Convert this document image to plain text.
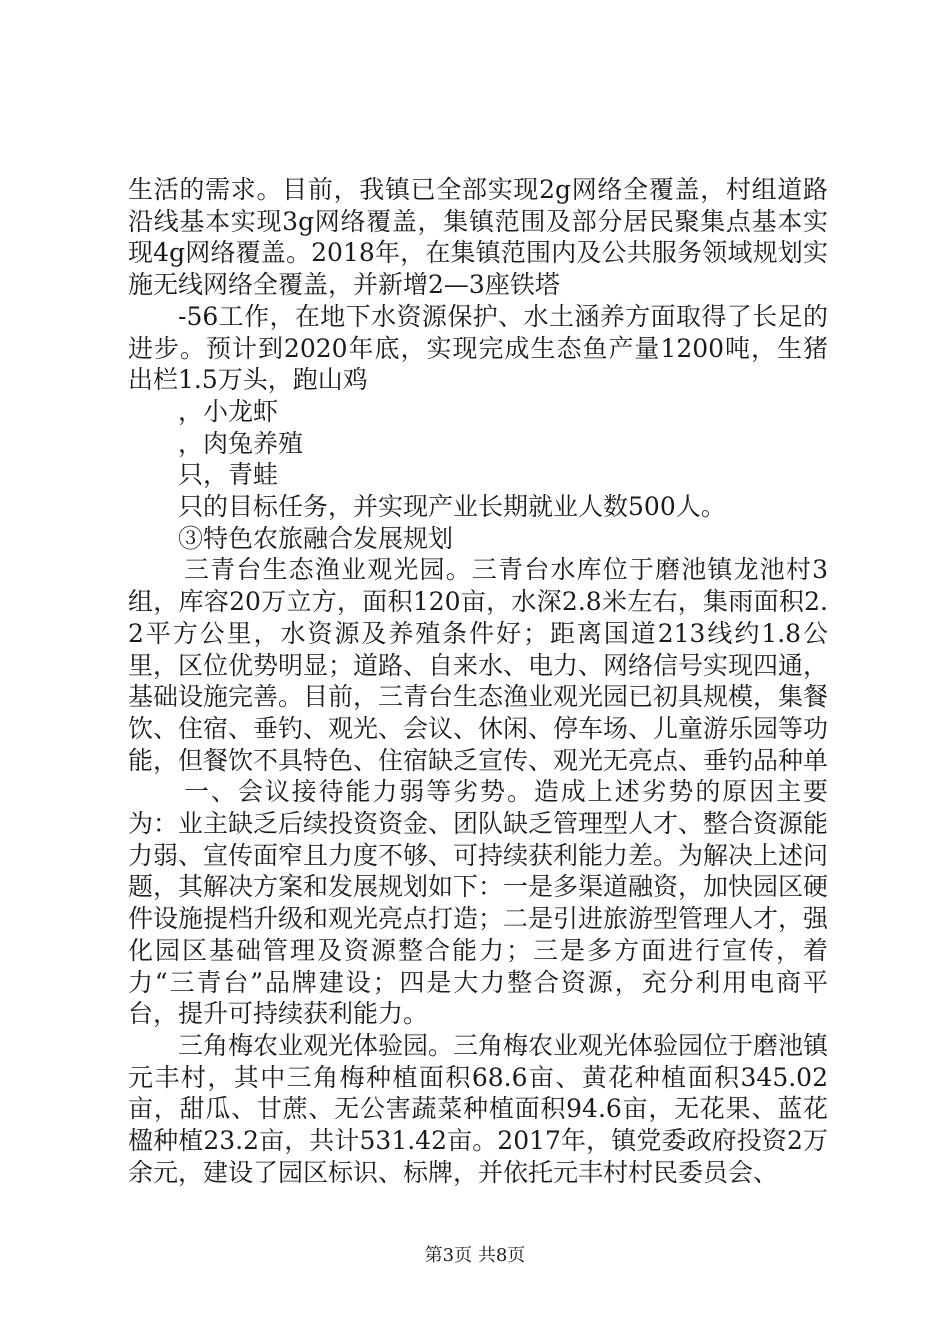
生活的需求。目前，我镇已全部实现2g网络全覆盖，村组道路沿线基本实现3g网络覆盖，集镇范围及部分居民聚集点基本实现4g网络覆盖。2018年，在集镇范围内及公共服务领域规划实施无线网络全覆盖，并新增2—3座铁塔

-56工作，在地下水资源保护、水土涵养方面取得了长足的进步。预计到2020年底，实现完成生态鱼产量1200吨，生猪出栏1.5万头，跑山鸡

，小龙虾

，肉兔养殖

只，青蛙

只的目标任务，并实现产业长期就业人数500人。

③特色农旅融合发展规划

三青台生态渔业观光园。三青台水库位于磨池镇龙池村3组，库容20万立方，面积120亩，水深2.8米左右，集雨面积2.2平方公里，水资源及养殖条件好；距离国道213线约1.8公里，区位优势明显；道路、自来水、电力、网络信号实现四通，基础设施完善。目前，三青台生态渔业观光园已初具规模，集餐饮、住宿、垂钓、观光、会议、休闲、停车场、儿童游乐园等功能，但餐饮不具特色、住宿缺乏宣传、观光无亮点、垂钓品种单

一、会议接待能力弱等劣势。造成上述劣势的原因主要为：业主缺乏后续投资资金、团队缺乏管理型人才、整合资源能力弱、宣传面窄且力度不够、可持续获利能力差。为解决上述问题，其解决方案和发展规划如下：一是多渠道融资，加快园区硬件设施提档升级和观光亮点打造；二是引进旅游型管理人才，强化园区基础管理及资源整合能力；三是多方面进行宣传，着力“三青台”品牌建设；四是大力整合资源，充分利用电商平台，提升可持续获利能力。

三角梅农业观光体验园。三角梅农业观光体验园位于磨池镇元丰村，其中三角梅种植面积68.6亩、黄花种植面积345.02亩，甜瓜、甘蔗、无公害蔬菜种植面积94.6亩，无花果、蓝花楹种植23.2亩，共计531.42亩。2017年，镇党委政府投资2万余元，建设了园区标识、标牌，并依托元丰村村民委员会、

第3页 共8页
